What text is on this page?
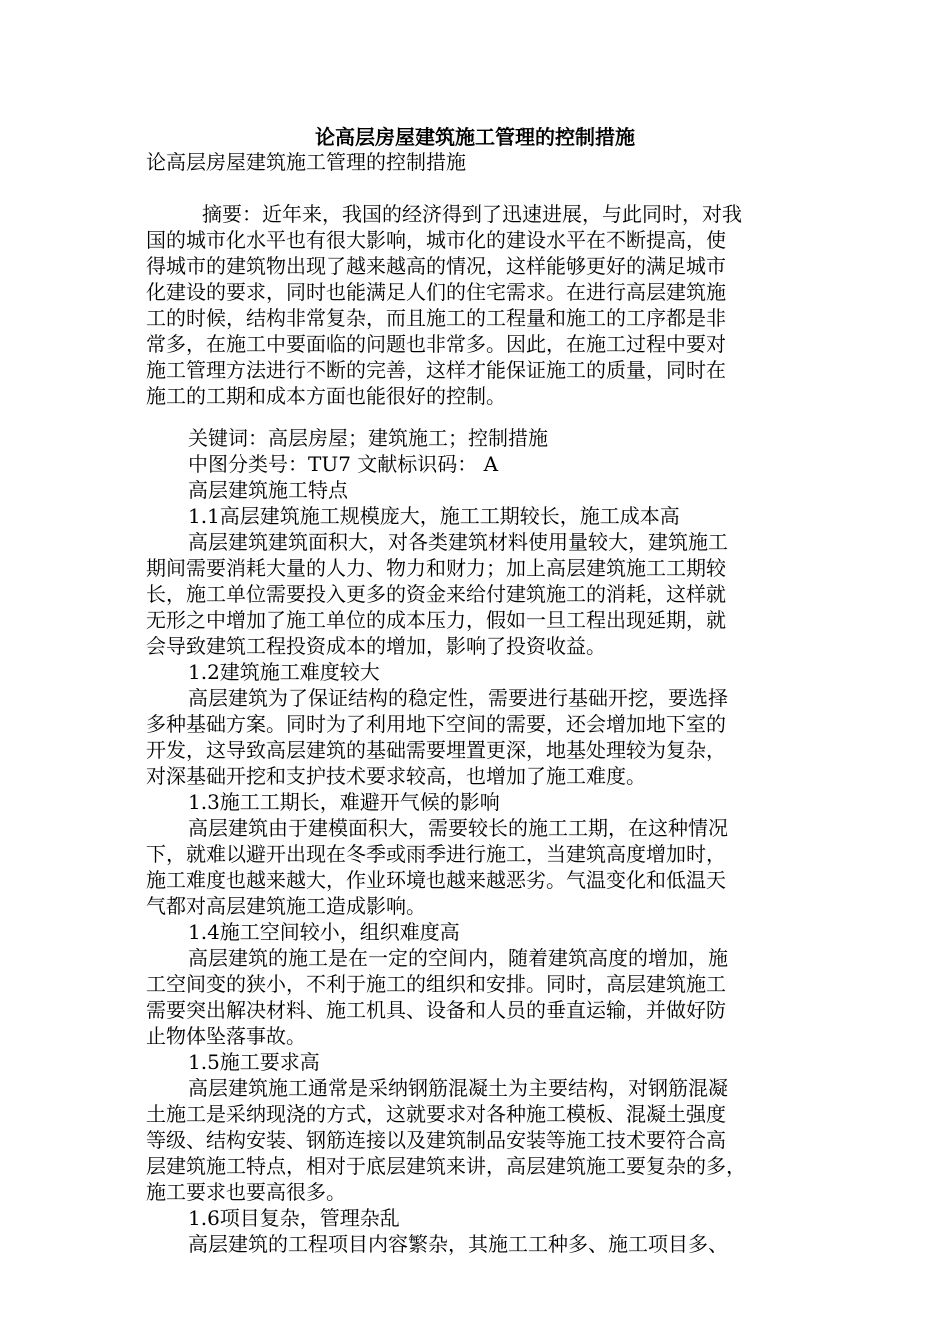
论高层房屋建筑施工管理的控制措施
论高层房屋建筑施工管理的控制措施
摘要：近年来，我国的经济得到了迅速进展，与此同时，对我
国的城市化水平也有很大影响，城市化的建设水平在不断提高，使
得城市的建筑物出现了越来越高的情况，这样能够更好的满足城市
化建设的要求，同时也能满足人们的住宅需求。在进行高层建筑施
工的时候，结构非常复杂，而且施工的工程量和施工的工序都是非
常多，在施工中要面临的问题也非常多。因此，在施工过程中要对
施工管理方法进行不断的完善，这样才能保证施工的质量，同时在
施工的工期和成本方面也能很好的控制。
关键词：高层房屋；建筑施工；控制措施
中图分类号：TU7 文献标识码： A
高层建筑施工特点
1.1高层建筑施工规模庞大，施工工期较长，施工成本高
高层建筑建筑面积大，对各类建筑材料使用量较大，建筑施工
期间需要消耗大量的人力、物力和财力；加上高层建筑施工工期较
长，施工单位需要投入更多的资金来给付建筑施工的消耗，这样就
无形之中增加了施工单位的成本压力，假如一旦工程出现延期，就
会导致建筑工程投资成本的增加，影响了投资收益。
1.2建筑施工难度较大
高层建筑为了保证结构的稳定性，需要进行基础开挖，要选择
多种基础方案。同时为了利用地下空间的需要，还会增加地下室的
开发，这导致高层建筑的基础需要埋置更深，地基处理较为复杂，
对深基础开挖和支护技术要求较高，也增加了施工难度。
1.3施工工期长，难避开气候的影响
高层建筑由于建模面积大，需要较长的施工工期，在这种情况
下，就难以避开出现在冬季或雨季进行施工，当建筑高度增加时，
施工难度也越来越大，作业环境也越来越恶劣。气温变化和低温天
气都对高层建筑施工造成影响。
1.4施工空间较小，组织难度高
高层建筑的施工是在一定的空间内，随着建筑高度的增加，施
工空间变的狭小，不利于施工的组织和安排。同时，高层建筑施工
需要突出解决材料、施工机具、设备和人员的垂直运输，并做好防
止物体坠落事故。
1.5施工要求高
高层建筑施工通常是采纳钢筋混凝土为主要结构，对钢筋混凝
土施工是采纳现浇的方式，这就要求对各种施工模板、混凝土强度
等级、结构安装、钢筋连接以及建筑制品安装等施工技术要符合高
层建筑施工特点，相对于底层建筑来讲，高层建筑施工要复杂的多，
施工要求也要高很多。
1.6项目复杂，管理杂乱
高层建筑的工程项目内容繁杂，其施工工种多、施工项目多、
